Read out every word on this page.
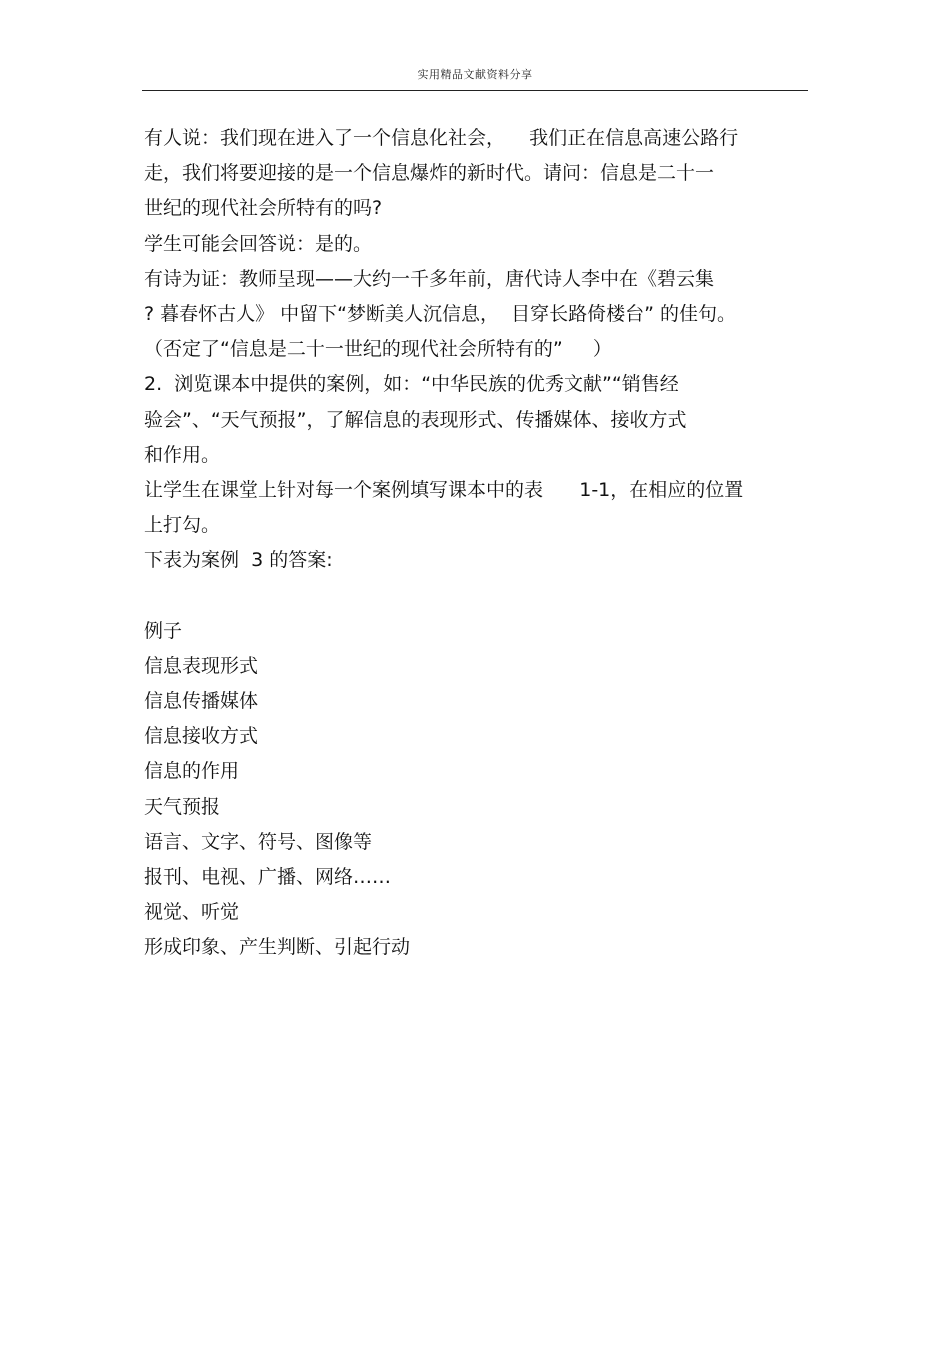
实用精品文献资料分享
有人说：我们现在进入了一个信息化社会，    我们正在信息高速公路行
走，我们将要迎接的是一个信息爆炸的新时代。请问：信息是二十一
世纪的现代社会所特有的吗?
学生可能会回答说：是的。
有诗为证：教师呈现——大约一千多年前，唐代诗人李中在《碧云集
? 暮春怀古人》 中留下“梦断美人沉信息，  目穿长路倚楼台” 的佳句。
（否定了“信息是二十一世纪的现代社会所特有的”     ）
2.  浏览课本中提供的案例，如：“中华民族的优秀文献”“销售经
验会”、“天气预报”，了解信息的表现形式、传播媒体、接收方式
和作用。
让学生在课堂上针对每一个案例填写课本中的表      1-1，在相应的位置
上打勾。
下表为案例  3 的答案:
例子
信息表现形式
信息传播媒体
信息接收方式
信息的作用
天气预报
语言、文字、符号、图像等
报刊、电视、广播、网络……
视觉、听觉
形成印象、产生判断、引起行动
